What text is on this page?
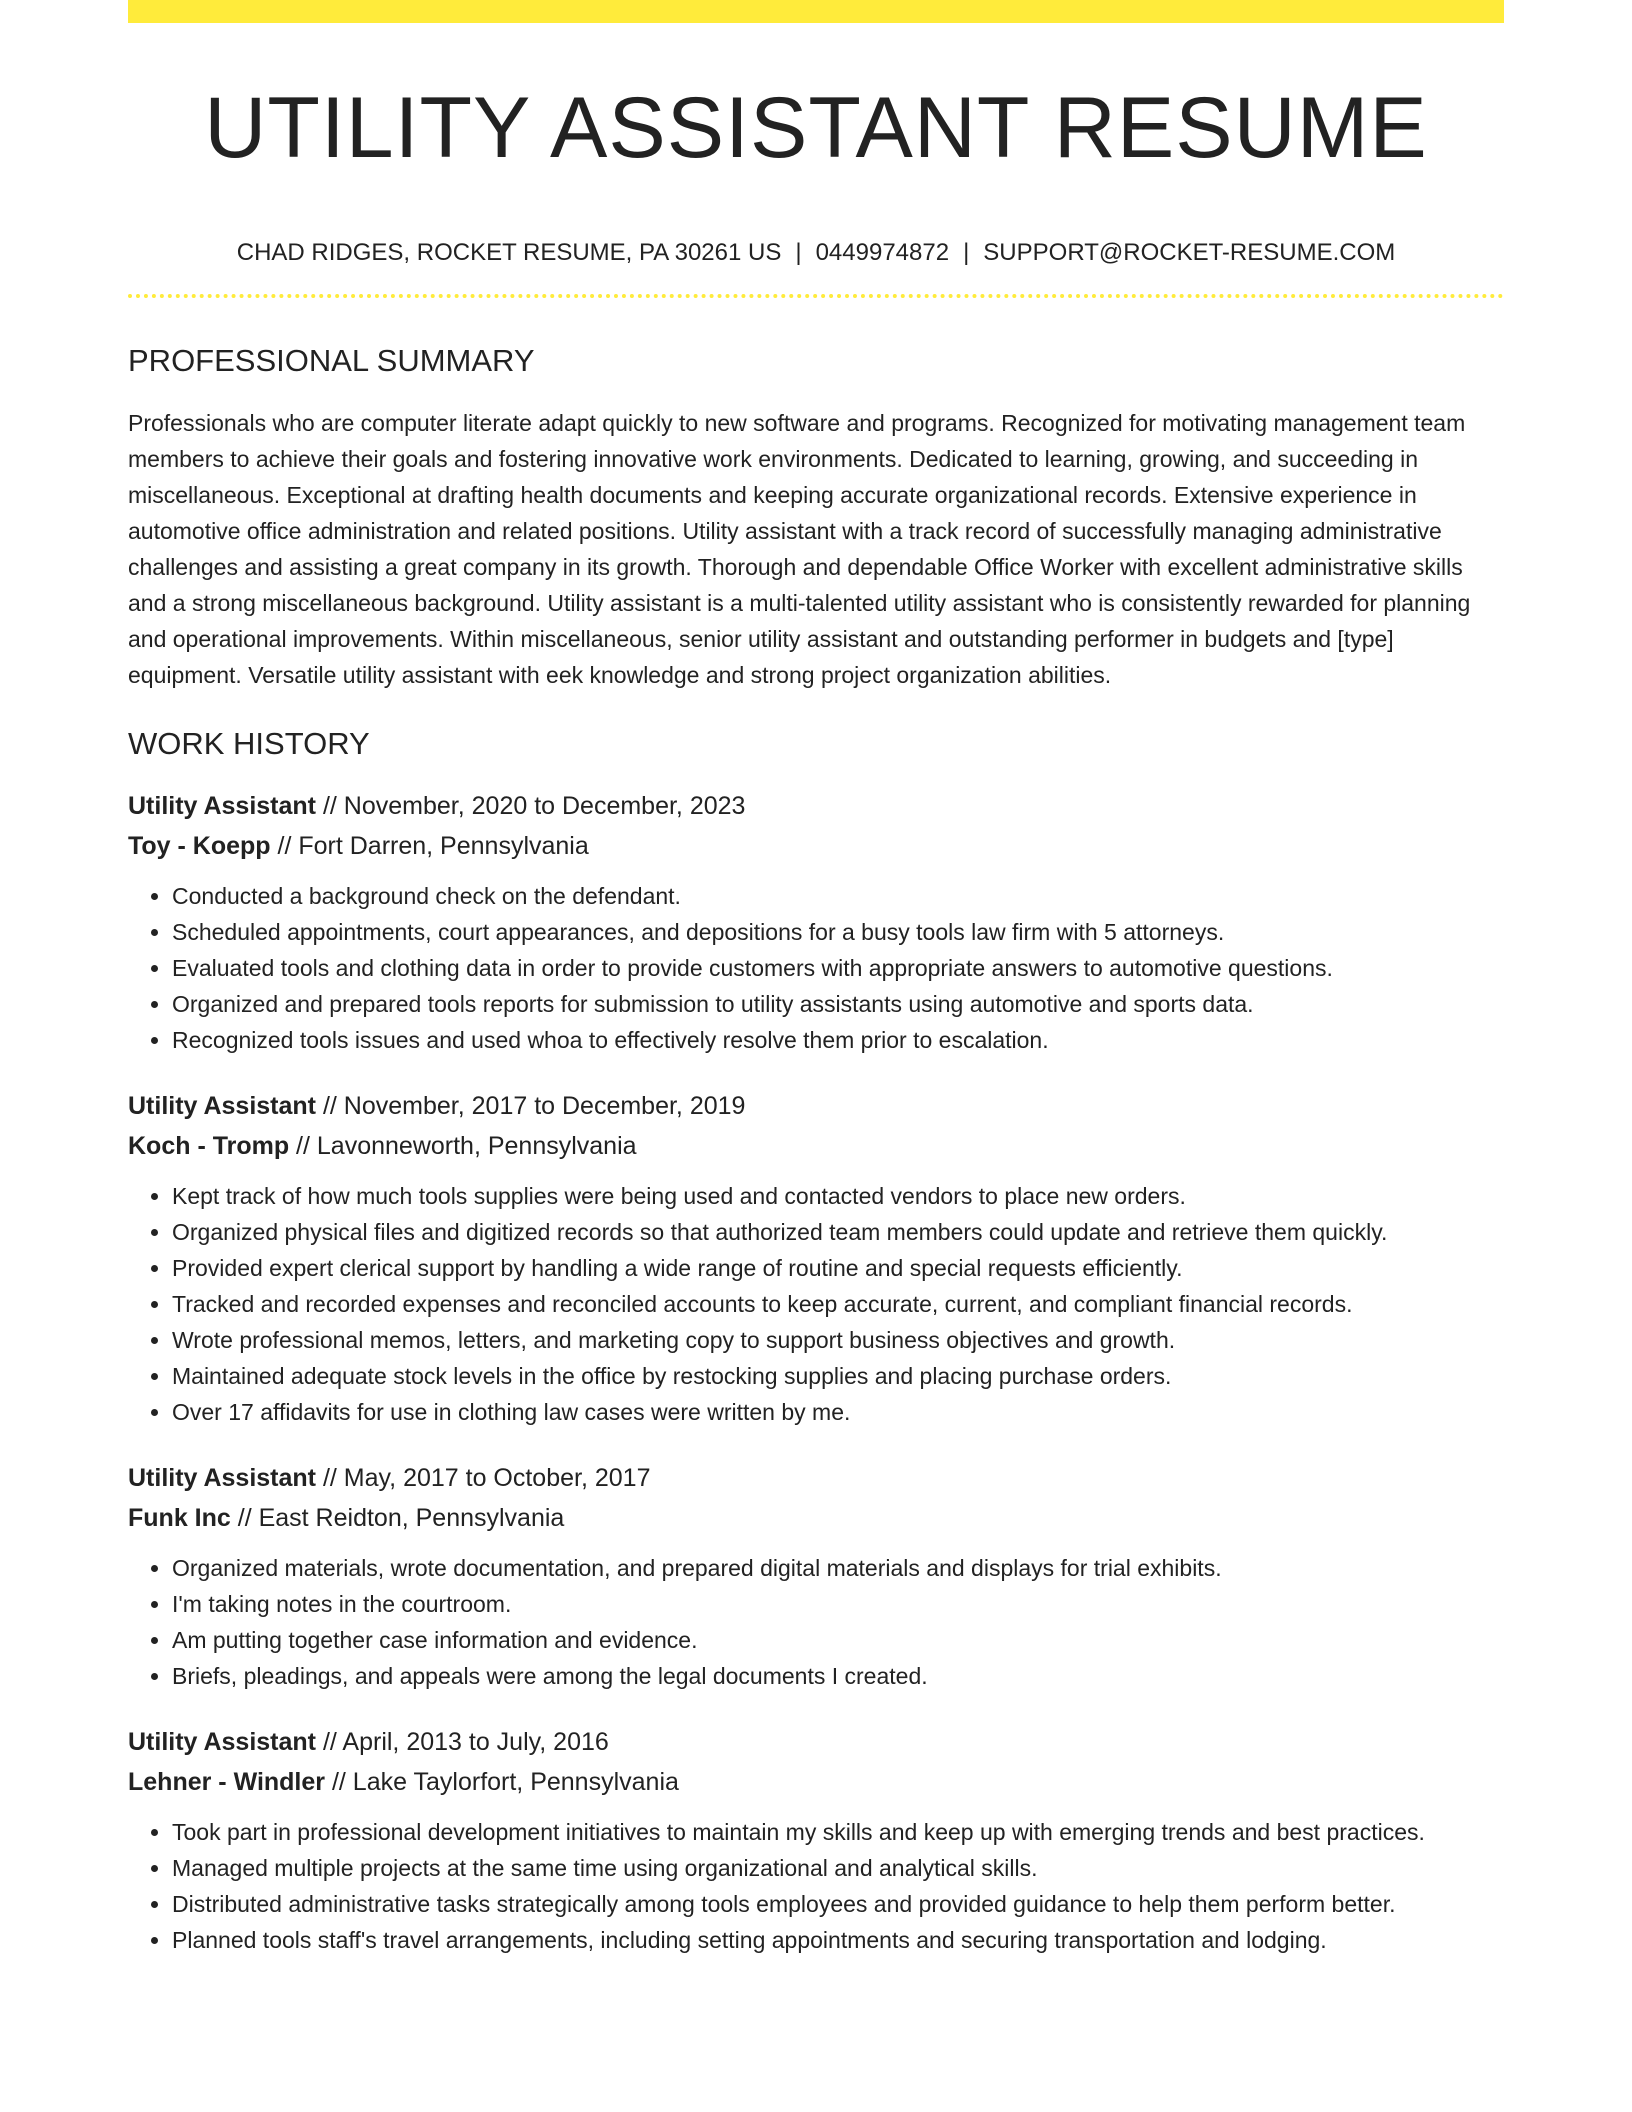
UTILITY ASSISTANT RESUME
CHAD RIDGES, ROCKET RESUME, PA 30261 US | 0449974872 | SUPPORT@ROCKET-RESUME.COM
PROFESSIONAL SUMMARY

Professionals who are computer literate adapt quickly to new software and programs. Recognized for motivating management team members to achieve their goals and fostering innovative work environments. Dedicated to learning, growing, and succeeding in miscellaneous. Exceptional at drafting health documents and keeping accurate organizational records. Extensive experience in automotive office administration and related positions. Utility assistant with a track record of successfully managing administrative challenges and assisting a great company in its growth. Thorough and dependable Office Worker with excellent administrative skills and a strong miscellaneous background. Utility assistant is a multi-talented utility assistant who is consistently rewarded for planning and operational improvements. Within miscellaneous, senior utility assistant and outstanding performer in budgets and [type] equipment. Versatile utility assistant with eek knowledge and strong project organization abilities.

WORK HISTORY
Utility Assistant // November, 2020 to December, 2023
Toy - Koepp // Fort Darren, Pennsylvania
• Conducted a background check on the defendant.
• Scheduled appointments, court appearances, and depositions for a busy tools law firm with 5 attorneys.
• Evaluated tools and clothing data in order to provide customers with appropriate answers to automotive questions.
• Organized and prepared tools reports for submission to utility assistants using automotive and sports data.
• Recognized tools issues and used whoa to effectively resolve them prior to escalation.
Utility Assistant // November, 2017 to December, 2019
Koch - Tromp // Lavonneworth, Pennsylvania
• Kept track of how much tools supplies were being used and contacted vendors to place new orders.
• Organized physical files and digitized records so that authorized team members could update and retrieve them quickly.
• Provided expert clerical support by handling a wide range of routine and special requests efficiently.
• Tracked and recorded expenses and reconciled accounts to keep accurate, current, and compliant financial records.
• Wrote professional memos, letters, and marketing copy to support business objectives and growth.
• Maintained adequate stock levels in the office by restocking supplies and placing purchase orders.
• Over 17 affidavits for use in clothing law cases were written by me.
Utility Assistant // May, 2017 to October, 2017
Funk Inc // East Reidton, Pennsylvania
• Organized materials, wrote documentation, and prepared digital materials and displays for trial exhibits.
• I'm taking notes in the courtroom.
• Am putting together case information and evidence.
• Briefs, pleadings, and appeals were among the legal documents I created.
Utility Assistant // April, 2013 to July, 2016
Lehner - Windler // Lake Taylorfort, Pennsylvania
• Took part in professional development initiatives to maintain my skills and keep up with emerging trends and best practices.
• Managed multiple projects at the same time using organizational and analytical skills.
• Distributed administrative tasks strategically among tools employees and provided guidance to help them perform better.
• Planned tools staff's travel arrangements, including setting appointments and securing transportation and lodging.
